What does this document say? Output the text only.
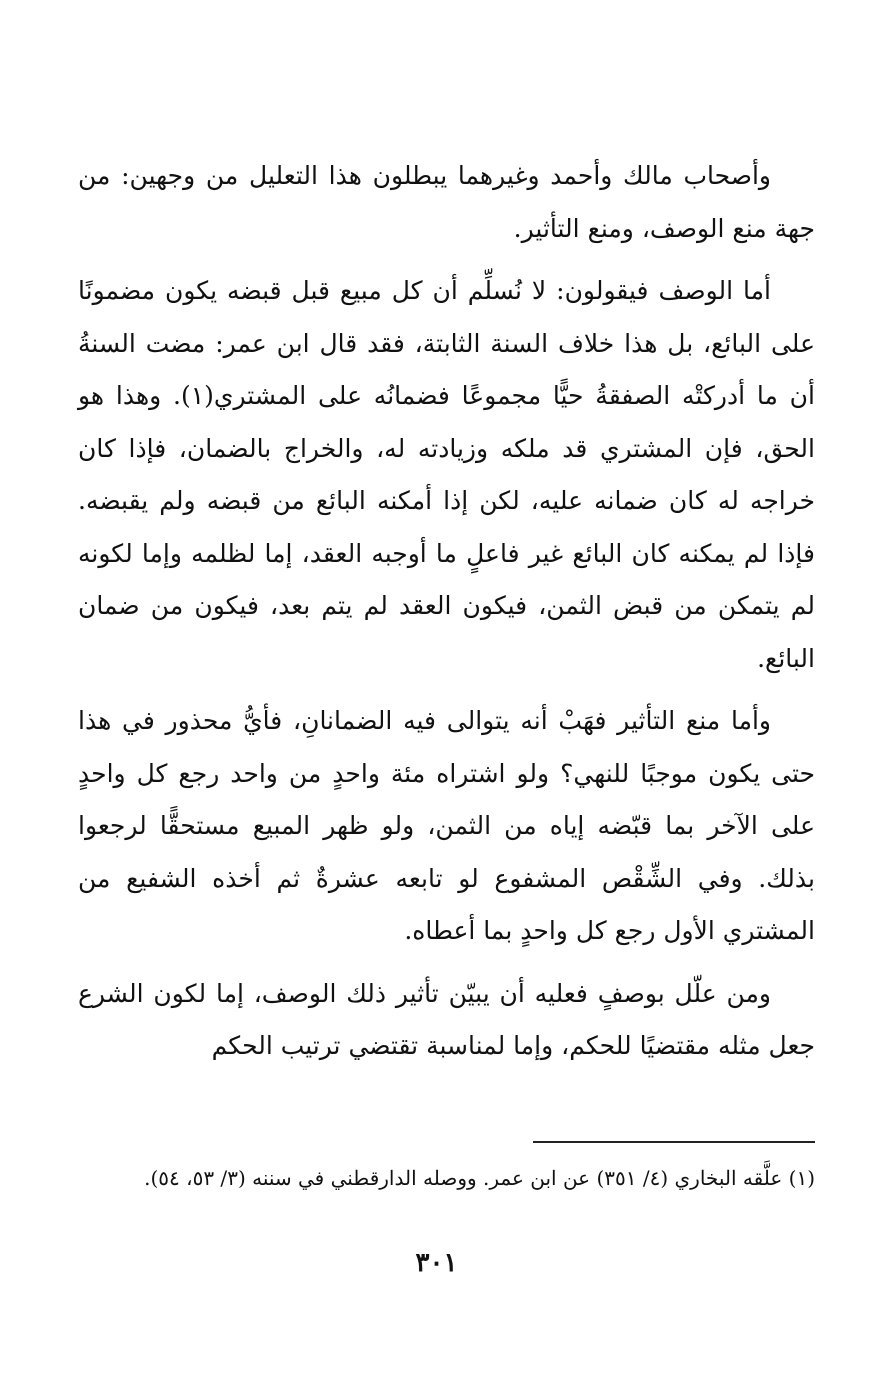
وأصحاب مالك وأحمد وغيرهما يبطلون هذا التعليل من وجهين: من جهة منع الوصف، ومنع التأثير.

أما الوصف فيقولون: لا نُسلِّم أن كل مبيع قبل قبضه يكون مضمونًا على البائع، بل هذا خلاف السنة الثابتة، فقد قال ابن عمر: مضت السنةُ أن ما أدركتْه الصفقةُ حيًّا مجموعًا فضمانُه على المشتري(١). وهذا هو الحق، فإن المشتري قد ملكه وزيادته له، والخراج بالضمان، فإذا كان خراجه له كان ضمانه عليه، لكن إذا أمكنه البائع من قبضه ولم يقبضه. فإذا لم يمكنه كان البائع غير فاعلٍ ما أوجبه العقد، إما لظلمه وإما لكونه لم يتمكن من قبض الثمن، فيكون العقد لم يتم بعد، فيكون من ضمان البائع.

وأما منع التأثير فهَبْ أنه يتوالى فيه الضمانانِ، فأيُّ محذور في هذا حتى يكون موجبًا للنهي؟ ولو اشتراه مئة واحدٍ من واحد رجع كل واحدٍ على الآخر بما قبّضه إياه من الثمن، ولو ظهر المبيع مستحقًّا لرجعوا بذلك. وفي الشِّقْص المشفوع لو تابعه عشرةٌ ثم أخذه الشفيع من المشتري الأول رجع كل واحدٍ بما أعطاه.

ومن علّل بوصفٍ فعليه أن يبيّن تأثير ذلك الوصف، إما لكون الشرع جعل مثله مقتضيًا للحكم، وإما لمناسبة تقتضي ترتيب الحكم

(١) علَّقه البخاري (٤/ ٣٥١) عن ابن عمر. ووصله الدارقطني في سننه (٣/ ٥٣، ٥٤).
٣٠١
